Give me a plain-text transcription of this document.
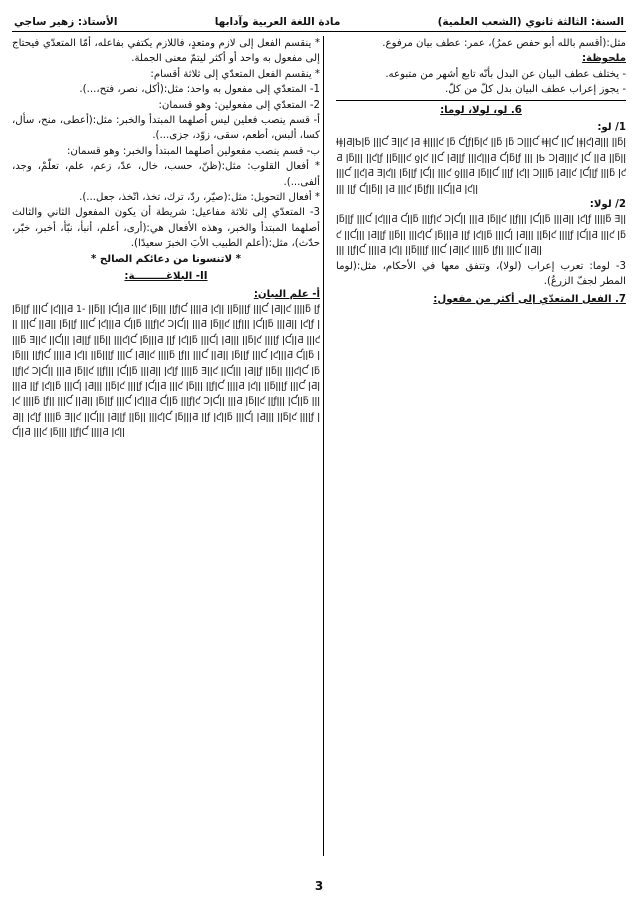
السنة: الثالثة ثانوي (الشعب العلمية)
مادة اللغة العربية وآدابها
الأستاذ: زهير ساجي

مثل:(أقسم بالله أبو حفص عمرُ)، عمر: عطف بيان مرفوع.

ملحوظة:

- يختلف عطف البيان عن البدل بأنّه تابع أشهر من متبوعه.

- يجوز إعراب عطف البيان بدل كلّ من كلّ.

6. لو، لولا، لوما:

1/ لو:

ƗǂǀƋǀƄǀƃ ǀǀǀƇ Ǝǀǀƈ ǀƋ ǂǀǀǀǀƈ ǀƃ Ƈǀƒǀƃǀƈ ǀǀƃ ǀƃ ƆǀǀǀƇ ƗǂǀƇ ǀǀƇ ǀǂǀƈǀƋǀǀǀ ǀǀƃǀƋ ǀƃǀǀǀ ǀǀƈǀƒ ǀǀƃǀǀǀƈ ƍǀƈ ǀǀƇ ǀƋǀǀƒ ǀǀǀƈǀǀǀƋ Ƈǀƃǀƒ ǀǀǀ ǀƄ ƆǀƋǀǀǀƈ ǀƇ ǀǀƋ ǀǀƃǀǀ ǀǀǀƇ ǀǀƈǀƋ Ǝǀƈǀǀ ǀƃǀǀƒ ǀƇǀǀ ǀǀǀƈ ƍǀǀǀƋ ǀƃǀǀƇ ǀǀǀƒ ǀƈǀǀ Ɔǀǀǀƃ ǀƋǀǀƈ ǀƇǀǀƒ ǀǀǀƃ ǀƈǀǀǀ ǀǀƒ Ƈǀǀƃǀǀ ǀƋ ǀǀǀƈ ǀƃǀƒǀǀ ǀǀƇǀǀƋ ǀƈǀǀ

2/ لولا:

ǀƃǀǀƒ ǀǀǀƇ ǀƈǀǀǀƋ Ƈǀǀƃ ǀǀǀƒǀƈ ƆǀƇǀǀ ǀǀǀƋ ǀƃǀǀƈ ǀǀƒǀǀǀ ǀƇǀǀƃ ǀǀǀƋǀǀ ǀƈǀƒ ǀǀǀǀƃ Ǝǀǀƈ ǀǀƇǀǀǀ ǀƋǀǀƒ ǀǀƃǀǀ ǀǀǀƈǀƇ ǀƃǀǀǀƋ ǀǀƒ ǀƈǀǀƃ ǀǀǀƇǀ ǀƋǀǀǀ ǀǀƃǀƈ ǀǀǀǀƒ ǀƇǀǀƋ ǀǀǀƈ ǀƃǀǀǀ ǀǀƒǀƇ ǀǀǀǀƋ ǀƈǀǀ ǀǀƃǀǀǀƒ ǀǀǀƇ ǀƋǀǀƈ ǀǀǀǀƃ ǀƒǀǀ ǀǀǀƇ ǀǀƋǀǀ

3- لوما: تعرب إعراب (لولا)، وتتفق معها في الأحكام، مثل:(لوما المطر لجفّ الزرعُ).

7. الفعل المتعدّي إلى أكثر من مفعول:

* ينقسم الفعل إلى لازم ومتعدٍ، فاللازم يكتفي بفاعله، أمّا المتعدّي فيحتاج إلى مفعول به واحد أو أكثر ليتمّ معنى الجملة.

* ينقسم الفعل المتعدّي إلى ثلاثة أقسام:

1- المتعدّي إلى مفعول به واحد: مثل:(أكل، نصر، فتح،...).

2- المتعدّي إلى مفعولين: وهو قسمان:

أ- قسم ينصب فعلين ليس أصلهما المبتدأ والخبر: مثل:(أعطى، منح، سأل، كسا، ألبس، أطعم، سقى، زوّد، جزى...).

ب- قسم ينصب مفعولين أصلهما المبتدأ والخبر: وهو قسمان:

* أفعال القلوب: مثل:(ظنّ، حسب، خال، عدّ، زعم، علم، تعلّمْ، وجد، ألفى...).

* أفعال التحويل: مثل:(صيّر، ردّ، ترك، تخذ، اتّخذ، جعل...).

3- المتعدّي إلى ثلاثة مفاعيل: شريطة أن يكون المفعول الثاني والثالث أصلهما المبتدأ والخبر، وهذه الأفعال هي:(أرى، أعلم، أنبأ، نبّأ، أخبر، خبّر، حدّث)، مثل:(أعلم الطبيب الأبَ الخبرَ سعيدًا).

* لاتنسونا من دعائكم الصالح *

II- البلاغـــــــــة:

أ- علم البيان:

ǀƃǀǀƒ ǀǀǀƇ ǀƈǀǀǀƋ 1- ǀǀƃǀǀ ǀƇǀǀƋ ǀǀǀƈ ǀƃǀǀǀ ǀǀƒǀƇ ǀǀǀǀƋ ǀƈǀǀ ǀǀƃǀǀǀƒ ǀǀǀƇ ǀƋǀǀƈ ǀǀǀǀƃ ǀƒǀǀ ǀǀǀƇ ǀǀƋǀǀ ǀƃǀǀƒ ǀǀǀƇ ǀƈǀǀǀƋ Ƈǀǀƃ ǀǀǀƒǀƈ ƆǀƇǀǀ ǀǀǀƋ ǀƃǀǀƈ ǀǀƒǀǀǀ ǀƇǀǀƃ ǀǀǀƋǀǀ ǀƈǀƒ ǀǀǀǀƃ Ǝǀǀƈ ǀǀƇǀǀǀ ǀƋǀǀƒ ǀǀƃǀǀ ǀǀǀƈǀƇ ǀƃǀǀǀƋ ǀǀƒ ǀƈǀǀƃ ǀǀǀƇǀ ǀƋǀǀǀ ǀǀƃǀƈ ǀǀǀǀƒ ǀƇǀǀƋ ǀǀǀƈ ǀƃǀǀǀ ǀǀƒǀƇ ǀǀǀǀƋ ǀƈǀǀ ǀǀƃǀǀǀƒ ǀǀǀƇ ǀƋǀǀƈ ǀǀǀǀƃ ǀƒǀǀ ǀǀǀƇ ǀǀƋǀǀ ǀƃǀǀƒ ǀǀǀƇ ǀƈǀǀǀƋ Ƈǀǀƃ ǀǀǀƒǀƈ ƆǀƇǀǀ ǀǀǀƋ ǀƃǀǀƈ ǀǀƒǀǀǀ ǀƇǀǀƃ ǀǀǀƋǀǀ ǀƈǀƒ ǀǀǀǀƃ Ǝǀǀƈ ǀǀƇǀǀǀ ǀƋǀǀƒ ǀǀƃǀǀ ǀǀǀƈǀƇ ǀƃǀǀǀƋ ǀǀƒ ǀƈǀǀƃ ǀǀǀƇǀ ǀƋǀǀǀ ǀǀƃǀƈ ǀǀǀǀƒ ǀƇǀǀƋ ǀǀǀƈ ǀƃǀǀǀ ǀǀƒǀƇ ǀǀǀǀƋ ǀƈǀǀ ǀǀƃǀǀǀƒ ǀǀǀƇ ǀƋǀǀƈ ǀǀǀǀƃ ǀƒǀǀ ǀǀǀƇ ǀǀƋǀǀ ǀƃǀǀƒ ǀǀǀƇ ǀƈǀǀǀƋ Ƈǀǀƃ ǀǀǀƒǀƈ ƆǀƇǀǀ ǀǀǀƋ ǀƃǀǀƈ ǀǀƒǀǀǀ ǀƇǀǀƃ ǀǀǀƋǀǀ ǀƈǀƒ ǀǀǀǀƃ Ǝǀǀƈ ǀǀƇǀǀǀ ǀƋǀǀƒ ǀǀƃǀǀ ǀǀǀƈǀƇ ǀƃǀǀǀƋ ǀǀƒ ǀƈǀǀƃ ǀǀǀƇǀ ǀƋǀǀǀ ǀǀƃǀƈ ǀǀǀǀƒ ǀƇǀǀƋ ǀǀǀƈ ǀƃǀǀǀ ǀǀƒǀƇ ǀǀǀǀƋ ǀƈǀǀ

3
